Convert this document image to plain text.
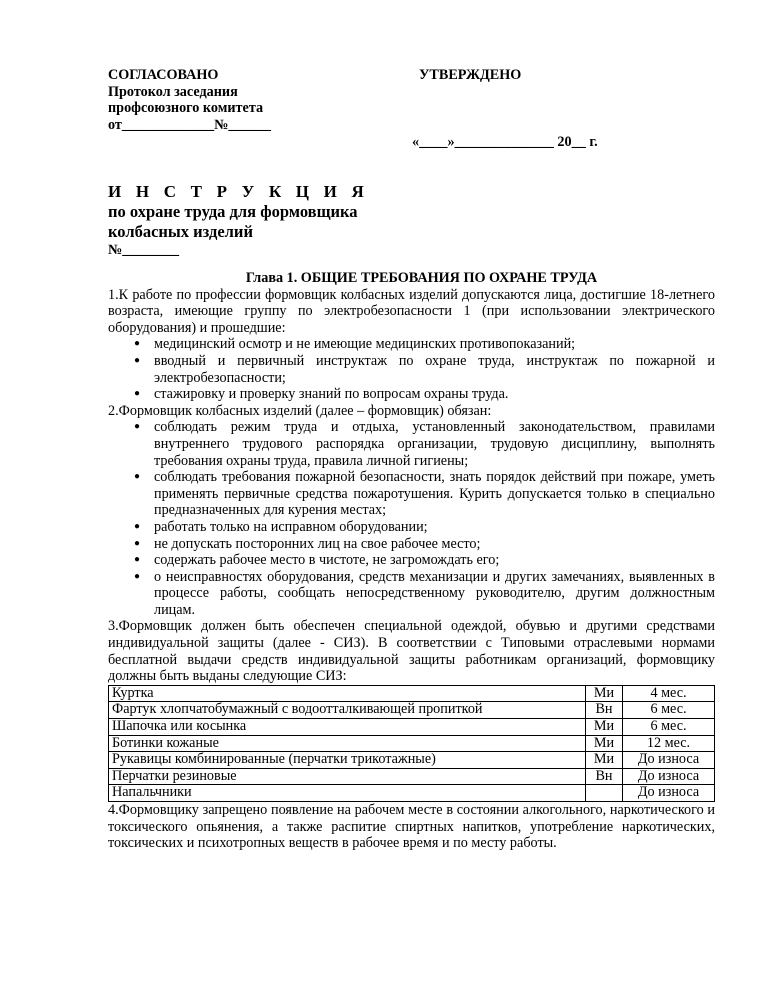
СОГЛАСОВАНО
Протокол заседания
профсоюзного комитета
от_____________№______
УТВЕРЖДЕНО
«____»______________ 20__ г.
И Н С Т Р У К Ц И Я
по охране труда для формовщика
колбасных изделий
№________
Глава 1. ОБЩИЕ ТРЕБОВАНИЯ ПО ОХРАНЕ ТРУДА
1.К работе по профессии формовщик колбасных изделий допускаются лица, достигшие 18-летнего возраста, имеющие группу по электробезопасности 1 (при использовании электрического оборудования) и прошедшие:
● медицинский осмотр и не имеющие медицинских противопоказаний;
● вводный и первичный инструктаж по охране труда, инструктаж по пожарной и электробезопасности;
● стажировку и проверку знаний по вопросам охраны труда.
2.Формовщик колбасных изделий (далее – формовщик) обязан:
● соблюдать режим труда и отдыха, установленный законодательством, правилами внутреннего трудового распорядка организации, трудовую дисциплину, выполнять требования охраны труда, правила личной гигиены;
● соблюдать требования пожарной безопасности, знать порядок действий при пожаре, уметь применять первичные средства пожаротушения. Курить допускается только в специально предназначенных для курения местах;
● работать только на исправном оборудовании;
● не допускать посторонних лиц на свое рабочее место;
● содержать рабочее место в чистоте, не загромождать его;
● о неисправностях оборудования, средств механизации и других замечаниях, выявленных в процессе работы, сообщать непосредственному руководителю, другим должностным лицам.
3.Формовщик должен быть обеспечен специальной одеждой, обувью и другими средствами индивидуальной защиты (далее - СИЗ). В соответствии с Типовыми отраслевыми нормами бесплатной выдачи средств индивидуальной защиты работникам организаций, формовщику должны быть выданы следующие СИЗ:
Куртка	Ми	4 мес.
Фартук хлопчатобумажный с водоотталкивающей пропиткой	Вн	6 мес.
Шапочка или косынка	Ми	6 мес.
Ботинки кожаные	Ми	12 мес.
Рукавицы комбинированные (перчатки трикотажные)	Ми	До износа
Перчатки резиновые	Вн	До износа
Напальчники		До износа
4.Формовщику запрещено появление на рабочем месте в состоянии алкогольного, наркотического и токсического опьянения, а также распитие спиртных напитков, употребление наркотических, токсических и психотропных веществ в рабочее время и по месту работы.
